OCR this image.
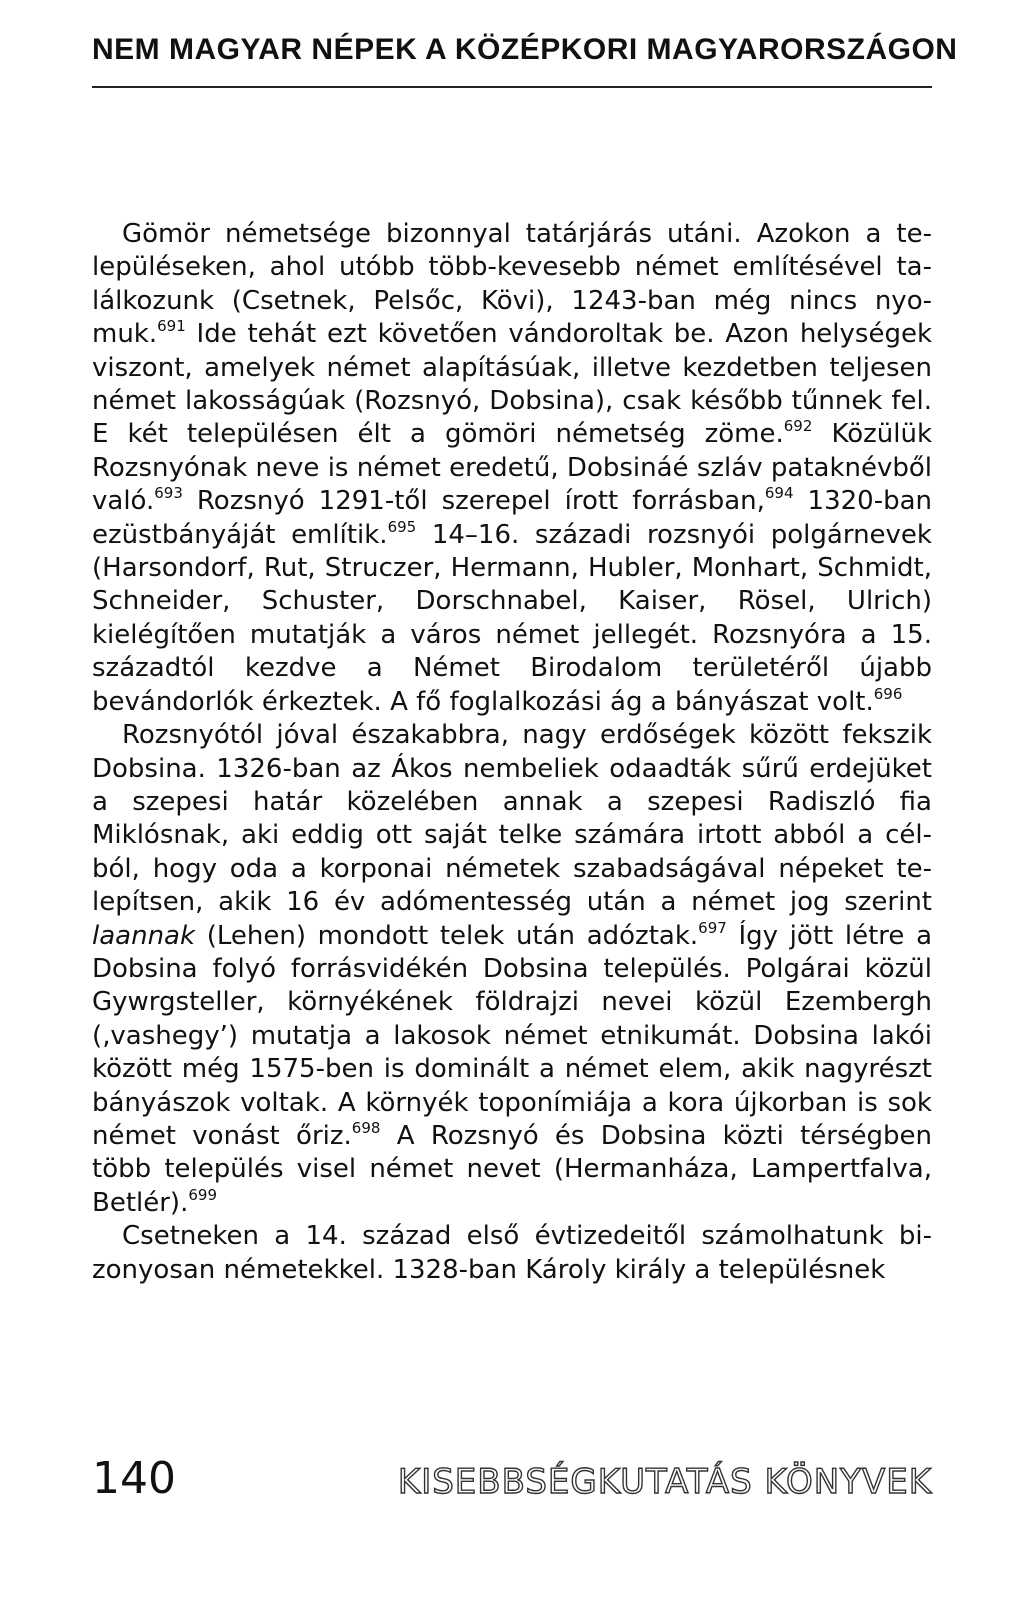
NEM MAGYAR NÉPEK A KÖZÉPKORI MAGYARORSZÁGON

Gömör németsége bizonnyal tatárjárás utáni. Azokon a településeken, ahol utóbb több-kevesebb német említésével találkozunk (Csetnek, Pelsőc, Kövi), 1243-ban még nincs nyomuk.$^{691}$ Ide tehát ezt követően vándoroltak be. Azon helységek viszont, amelyek német alapításúak, illetve kezdetben teljesen német lakosságúak (Rozsnyó, Dobsina), csak később tűnnek fel. E két településen élt a gömöri németség zöme.$^{692}$ Közülük Rozsnyónak neve is német eredetű, Dobsináé szláv pataknévből való.$^{693}$ Rozsnyó 1291-től szerepel írott forrásban,$^{694}$ 1320-ban ezüstbányáját említik.$^{695}$ 14–16. századi rozsnyói polgárnevek (Harsondorf, Rut, Struczer, Hermann, Hubler, Monhart, Schmidt, Schneider, Schuster, Dorschnabel, Kaiser, Rösel, Ulrich) kielégítően mutatják a város német jellegét. Rozsnyóra a 15. századtól kezdve a Német Birodalom területéről újabb bevándorlók érkeztek. A fő foglalkozási ág a bányászat volt.$^{696}$

Rozsnyótól jóval északabbra, nagy erdőségek között fekszik Dobsina. 1326-ban az Ákos nembeliek odaadták sűrű erdejüket a szepesi határ közelében annak a szepesi Radiszló fia Miklósnak, aki eddig ott saját telke számára irtott abból a célból, hogy oda a korponai németek szabadságával népeket telepítsen, akik 16 év adómentesség után a német jog szerint laannak (Lehen) mondott telek után adóztak.$^{697}$ Így jött létre a Dobsina folyó forrásvidékén Dobsina település. Polgárai közül Gywrgsteller, környékének földrajzi nevei közül Ezembergh (‚vashegy’) mutatja a lakosok német etnikumát. Dobsina lakói között még 1575-ben is dominált a német elem, akik nagyrészt bányászok voltak. A környék toponímiája a kora újkorban is sok német vonást őriz.$^{698}$ A Rozsnyó és Dobsina közti térségben több település visel német nevet (Hermanháza, Lampertfalva, Betlér).$^{699}$

Csetneken a 14. század első évtizedeitől számolhatunk bizonyosan németekkel. 1328-ban Károly király a településnek

140	KISEBBSÉGKUTATÁS KÖNYVEK
